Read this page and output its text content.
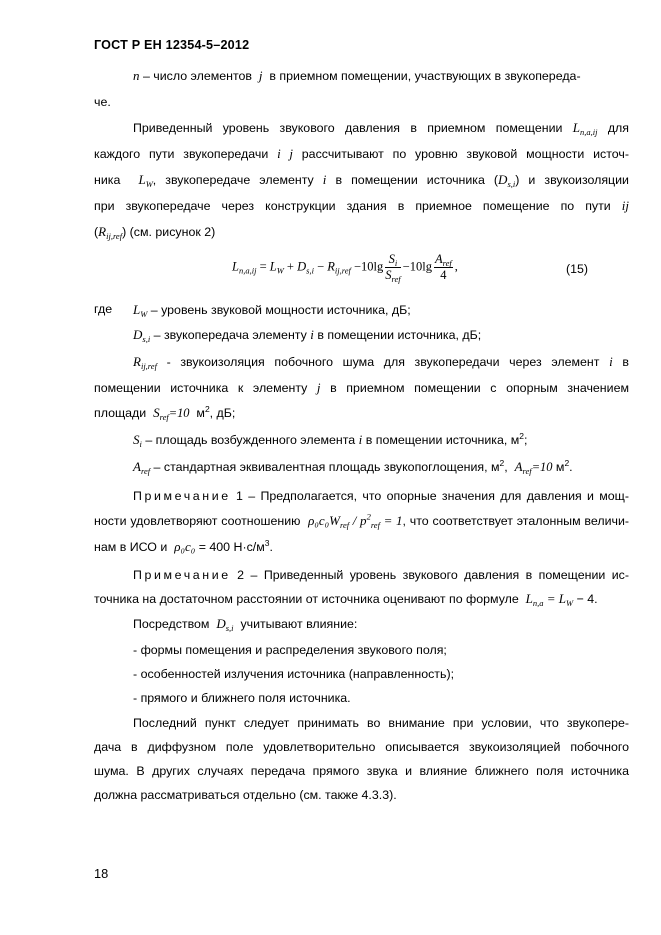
ГОСТ Р ЕН 12354-5–2012
n – число элементов j в приемном помещении, участвующих в звукопереда-
че.
Приведенный уровень звукового давления в приемном помещении $L_{n,a,ij}$ для
каждого пути звукопередачи i j рассчитывают по уровню звуковой мощности источ-
ника $L_W$, звукопередаче элементу i в помещении источника $(D_{s,i})$ и звукоизоляции
при звукопередаче через конструкции здания в приемное помещение по пути ij
$(R_{ij,ref})$ (см. рисунок 2)
$L_{n,a,ij} = L_W + D_{s,i} - R_{ij,ref} -10\lg \frac{S_i}{S_{ref}} -10\lg \frac{A_{ref}}{4}$ ,	(15)
где $L_W$ – уровень звуковой мощности источника, дБ;
$D_{s,i}$ – звукопередача элементу i в помещении источника, дБ;
$R_{ij,ref}$ - звукоизоляция побочного шума для звукопередачи через элемент i в
помещении источника к элементу j в приемном помещении с опорным значением
площади $S_{ref}=10$ $м^2$, дБ;
$S_i$ – площадь возбужденного элемента i в помещении источника, $м^2$;
$A_{ref}$ – стандартная эквивалентная площадь звукопоглощения, $м^2$, $A_{ref}=10$ $м^2$.
Примечание 1 – Предполагается, что опорные значения для давления и мощ-
ности удовлетворяют соотношению $\rho_0c_0W_{ref} / p^2_{ref} = 1$, что соответствует эталонным величи-
нам в ИСО и ρ₀c₀ = 400 $Н\cdot с/м^3$.
Примечание 2 – Приведенный уровень звукового давления в помещении ис-
точника на достаточном расстоянии от источника оценивают по формуле $L_{n,a} = L_W - 4$.
Посредством $D_{s,i}$ учитывают влияние:
- формы помещения и распределения звукового поля;
- особенностей излучения источника (направленность);
- прямого и ближнего поля источника.
Последний пункт следует принимать во внимание при условии, что звукопере-
дача в диффузном поле удовлетворительно описывается звукоизоляцией побочного
шума. В других случаях передача прямого звука и влияние ближнего поля источника
должна рассматриваться отдельно (см. также 4.3.3).
18
